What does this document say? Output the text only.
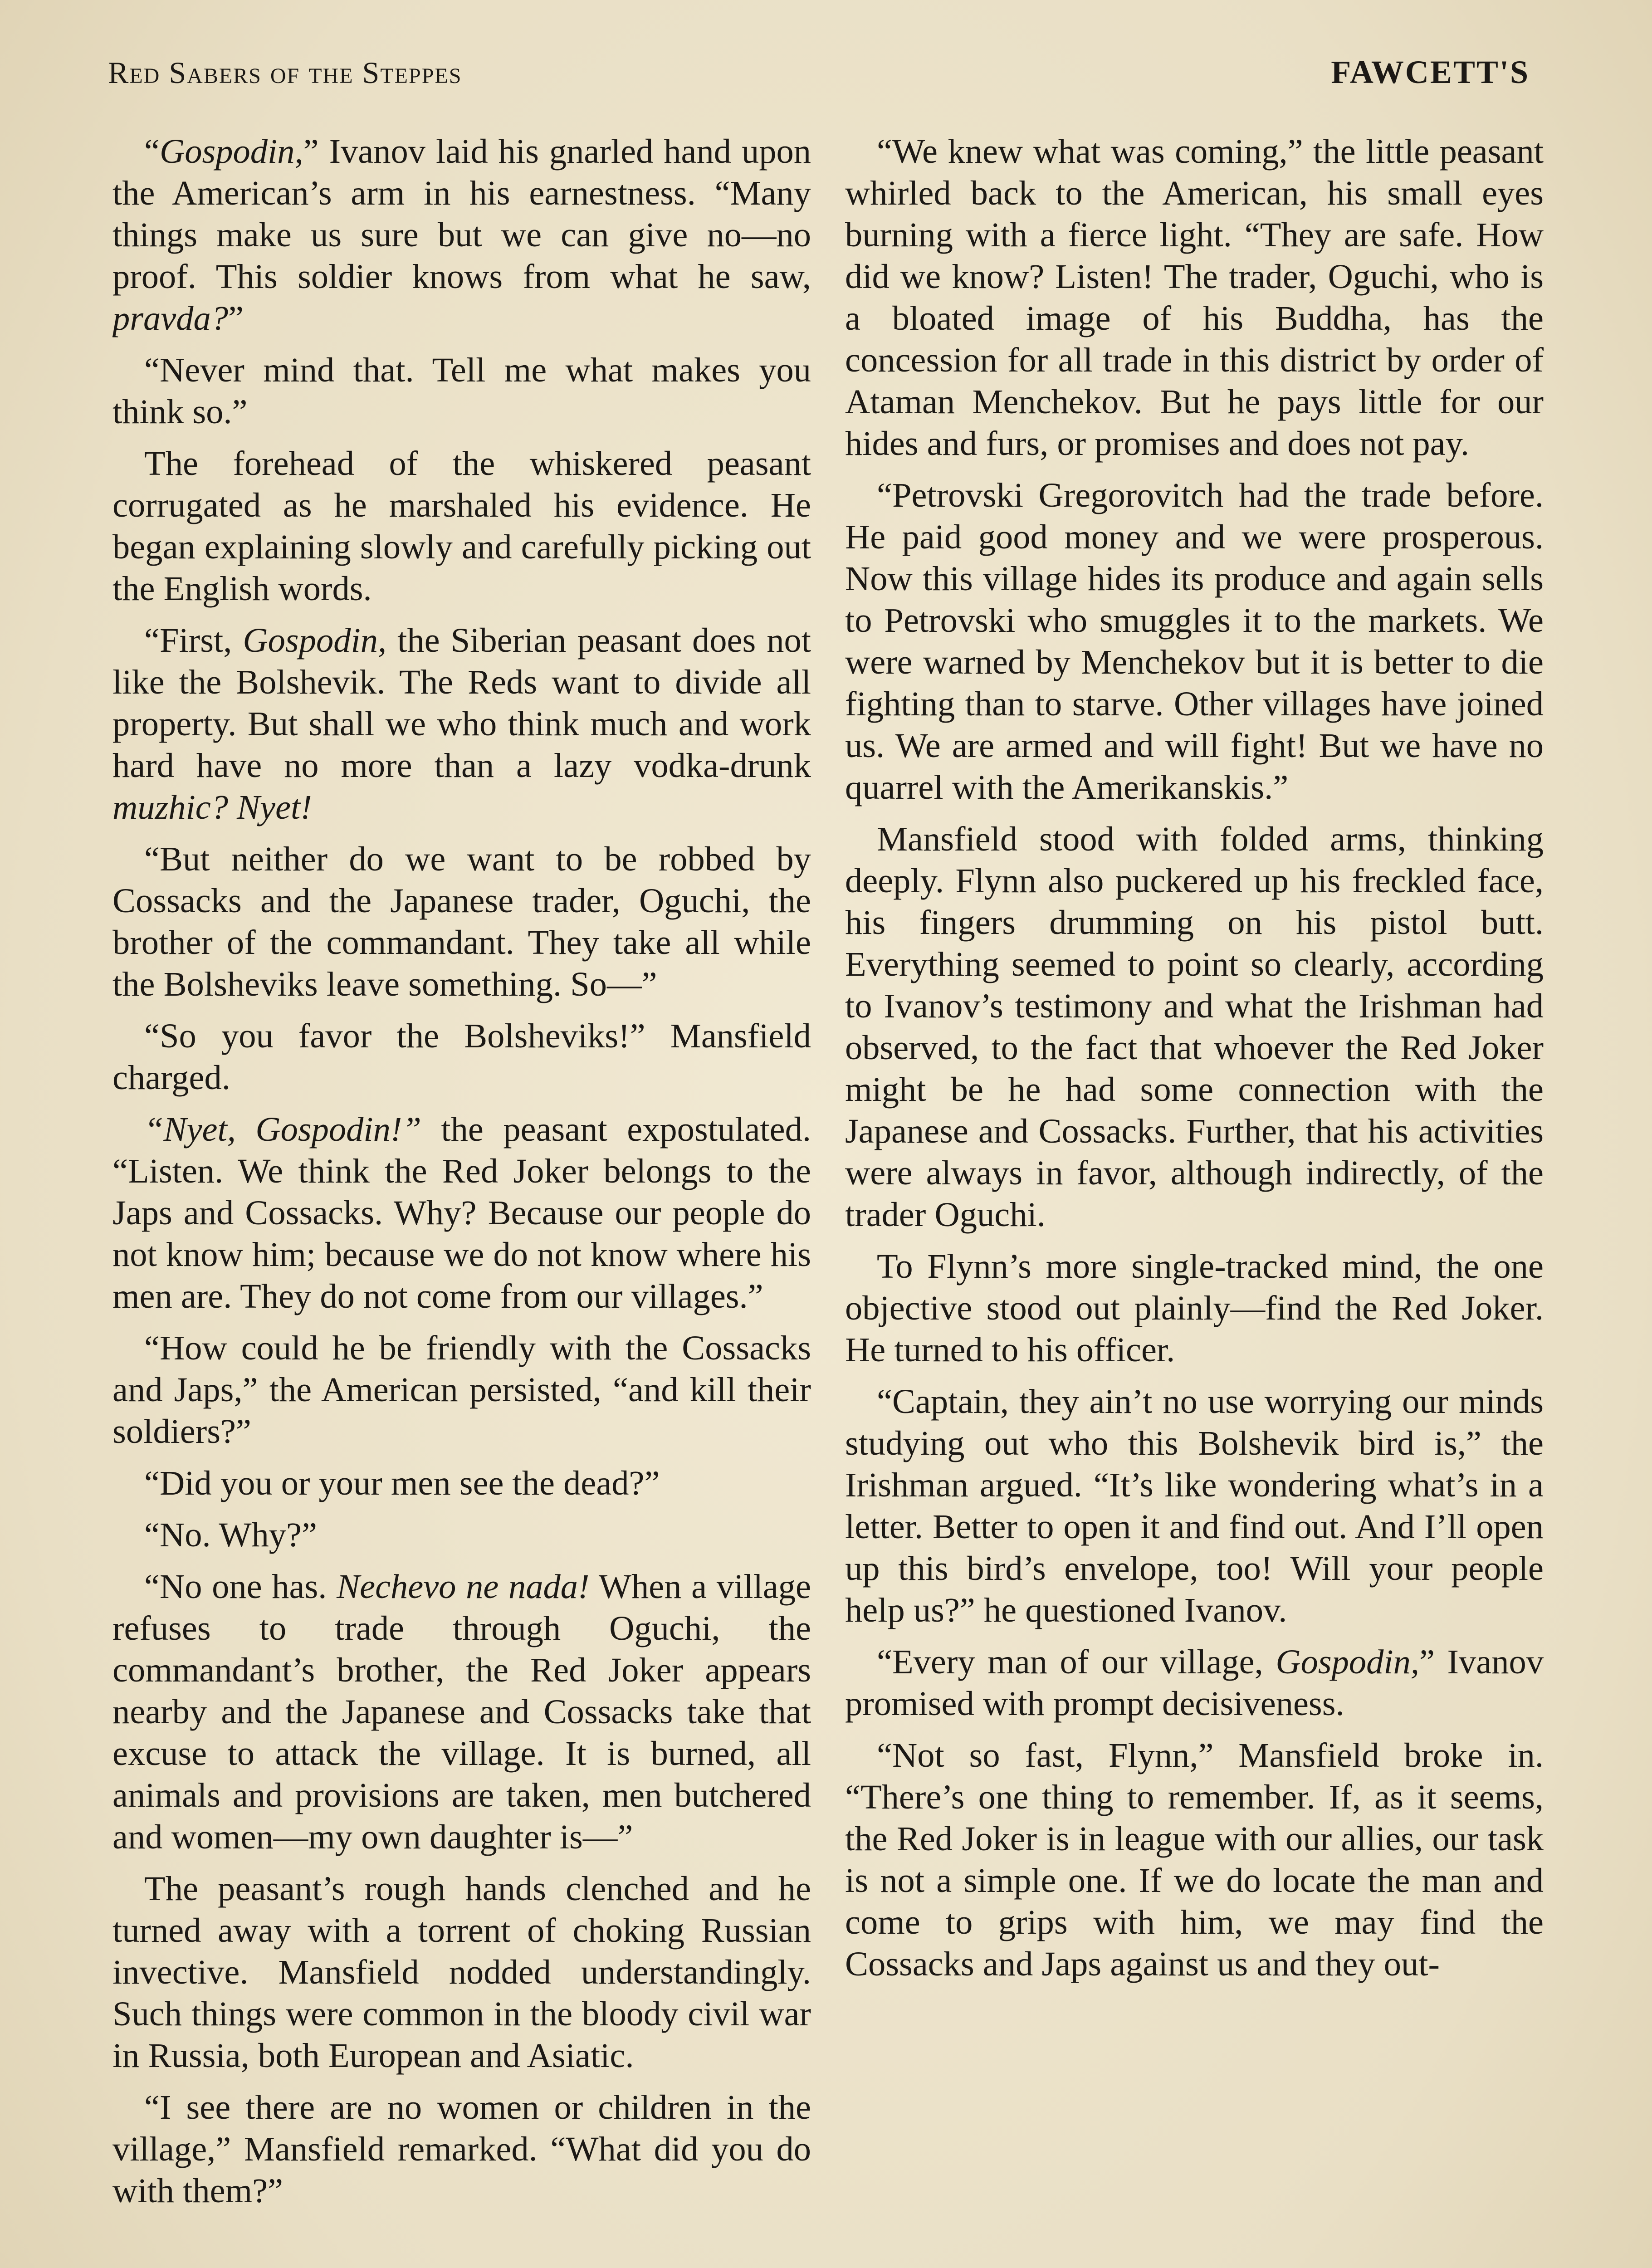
Red Sabers of the Steppes	FAWCETT'S

“Gospodin,” Ivanov laid his gnarled hand upon the American’s arm in his earnestness. “Many things make us sure but we can give no—no proof. This soldier knows from what he saw, pravda?”

“Never mind that. Tell me what makes you think so.”

The forehead of the whiskered peasant corrugated as he marshaled his evidence. He began explaining slowly and carefully picking out the English words.

“First, Gospodin, the Siberian peasant does not like the Bolshevik. The Reds want to divide all property. But shall we who think much and work hard have no more than a lazy vodka-drunk muzhic? Nyet!

“But neither do we want to be robbed by Cossacks and the Japanese trader, Oguchi, the brother of the commandant. They take all while the Bolsheviks leave something. So—”

“So you favor the Bolsheviks!” Mansfield charged.

“Nyet, Gospodin!” the peasant expostulated. “Listen. We think the Red Joker belongs to the Japs and Cossacks. Why? Because our people do not know him; because we do not know where his men are. They do not come from our villages.”

“How could he be friendly with the Cossacks and Japs,” the American persisted, “and kill their soldiers?”

“Did you or your men see the dead?”

“No. Why?”

“No one has. Nechevo ne nada! When a village refuses to trade through Oguchi, the commandant’s brother, the Red Joker appears nearby and the Japanese and Cossacks take that excuse to attack the village. It is burned, all animals and provisions are taken, men butchered and women—my own daughter is—”

The peasant’s rough hands clenched and he turned away with a torrent of choking Russian invective. Mansfield nodded understandingly. Such things were common in the bloody civil war in Russia, both European and Asiatic.

“I see there are no women or children in the village,” Mansfield remarked. “What did you do with them?”

“We knew what was coming,” the little peasant whirled back to the American, his small eyes burning with a fierce light. “They are safe. How did we know? Listen! The trader, Oguchi, who is a bloated image of his Buddha, has the concession for all trade in this district by order of Ataman Menchekov. But he pays little for our hides and furs, or promises and does not pay.

“Petrovski Gregorovitch had the trade before. He paid good money and we were prosperous. Now this village hides its produce and again sells to Petrovski who smuggles it to the markets. We were warned by Menchekov but it is better to die fighting than to starve. Other villages have joined us. We are armed and will fight! But we have no quarrel with the Amerikanskis.”

Mansfield stood with folded arms, thinking deeply. Flynn also puckered up his freckled face, his fingers drumming on his pistol butt. Everything seemed to point so clearly, according to Ivanov’s testimony and what the Irishman had observed, to the fact that whoever the Red Joker might be he had some connection with the Japanese and Cossacks. Further, that his activities were always in favor, although indirectly, of the trader Oguchi.

To Flynn’s more single-tracked mind, the one objective stood out plainly—find the Red Joker. He turned to his officer.

“Captain, they ain’t no use worrying our minds studying out who this Bolshevik bird is,” the Irishman argued. “It’s like wondering what’s in a letter. Better to open it and find out. And I’ll open up this bird’s envelope, too! Will your people help us?” he questioned Ivanov.

“Every man of our village, Gospodin,” Ivanov promised with prompt decisiveness.

“Not so fast, Flynn,” Mansfield broke in. “There’s one thing to remember. If, as it seems, the Red Joker is in league with our allies, our task is not a simple one. If we do locate the man and come to grips with him, we may find the Cossacks and Japs against us and they out-
